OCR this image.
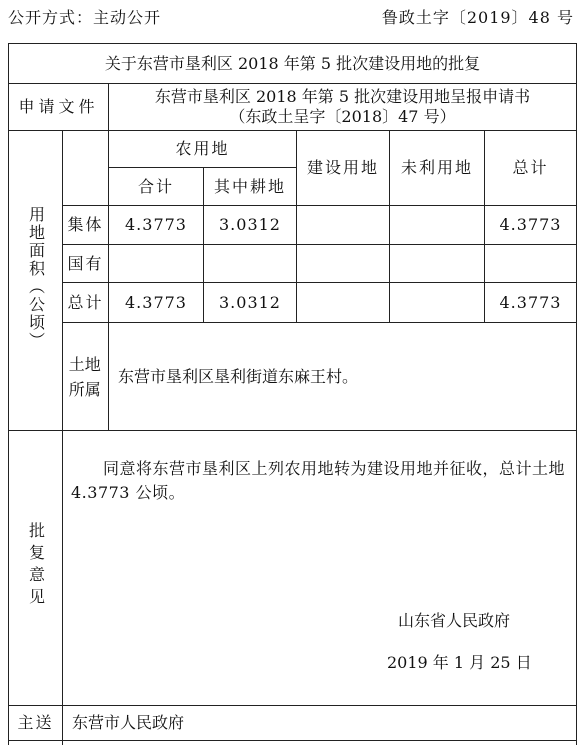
公开方式：主动公开	鲁政土字〔2019〕48 号
关于东营市垦利区 2018 年第 5 批次建设用地的批复						
申请文件		东营市垦利区 2018 年第 5 批次建设用地呈报申请书
（东政土呈字〔2018〕47 号）				

用地面积（公顷）		农用地		建设用地	未利用地	总计
		合计	其中耕地			
	集体	4.3773	3.0312			4.3773
	国有					
	总计	4.3773	3.0312			4.3773
	土地所属	东营市垦利区垦利街道东麻王村。				
批复意见	同意将东营市垦利区上列农用地转为建设用地并征收，总计土地 4.3773 公顷。
山东省人民政府
2019 年 1 月 25 日					

主送	东营市人民政府					
